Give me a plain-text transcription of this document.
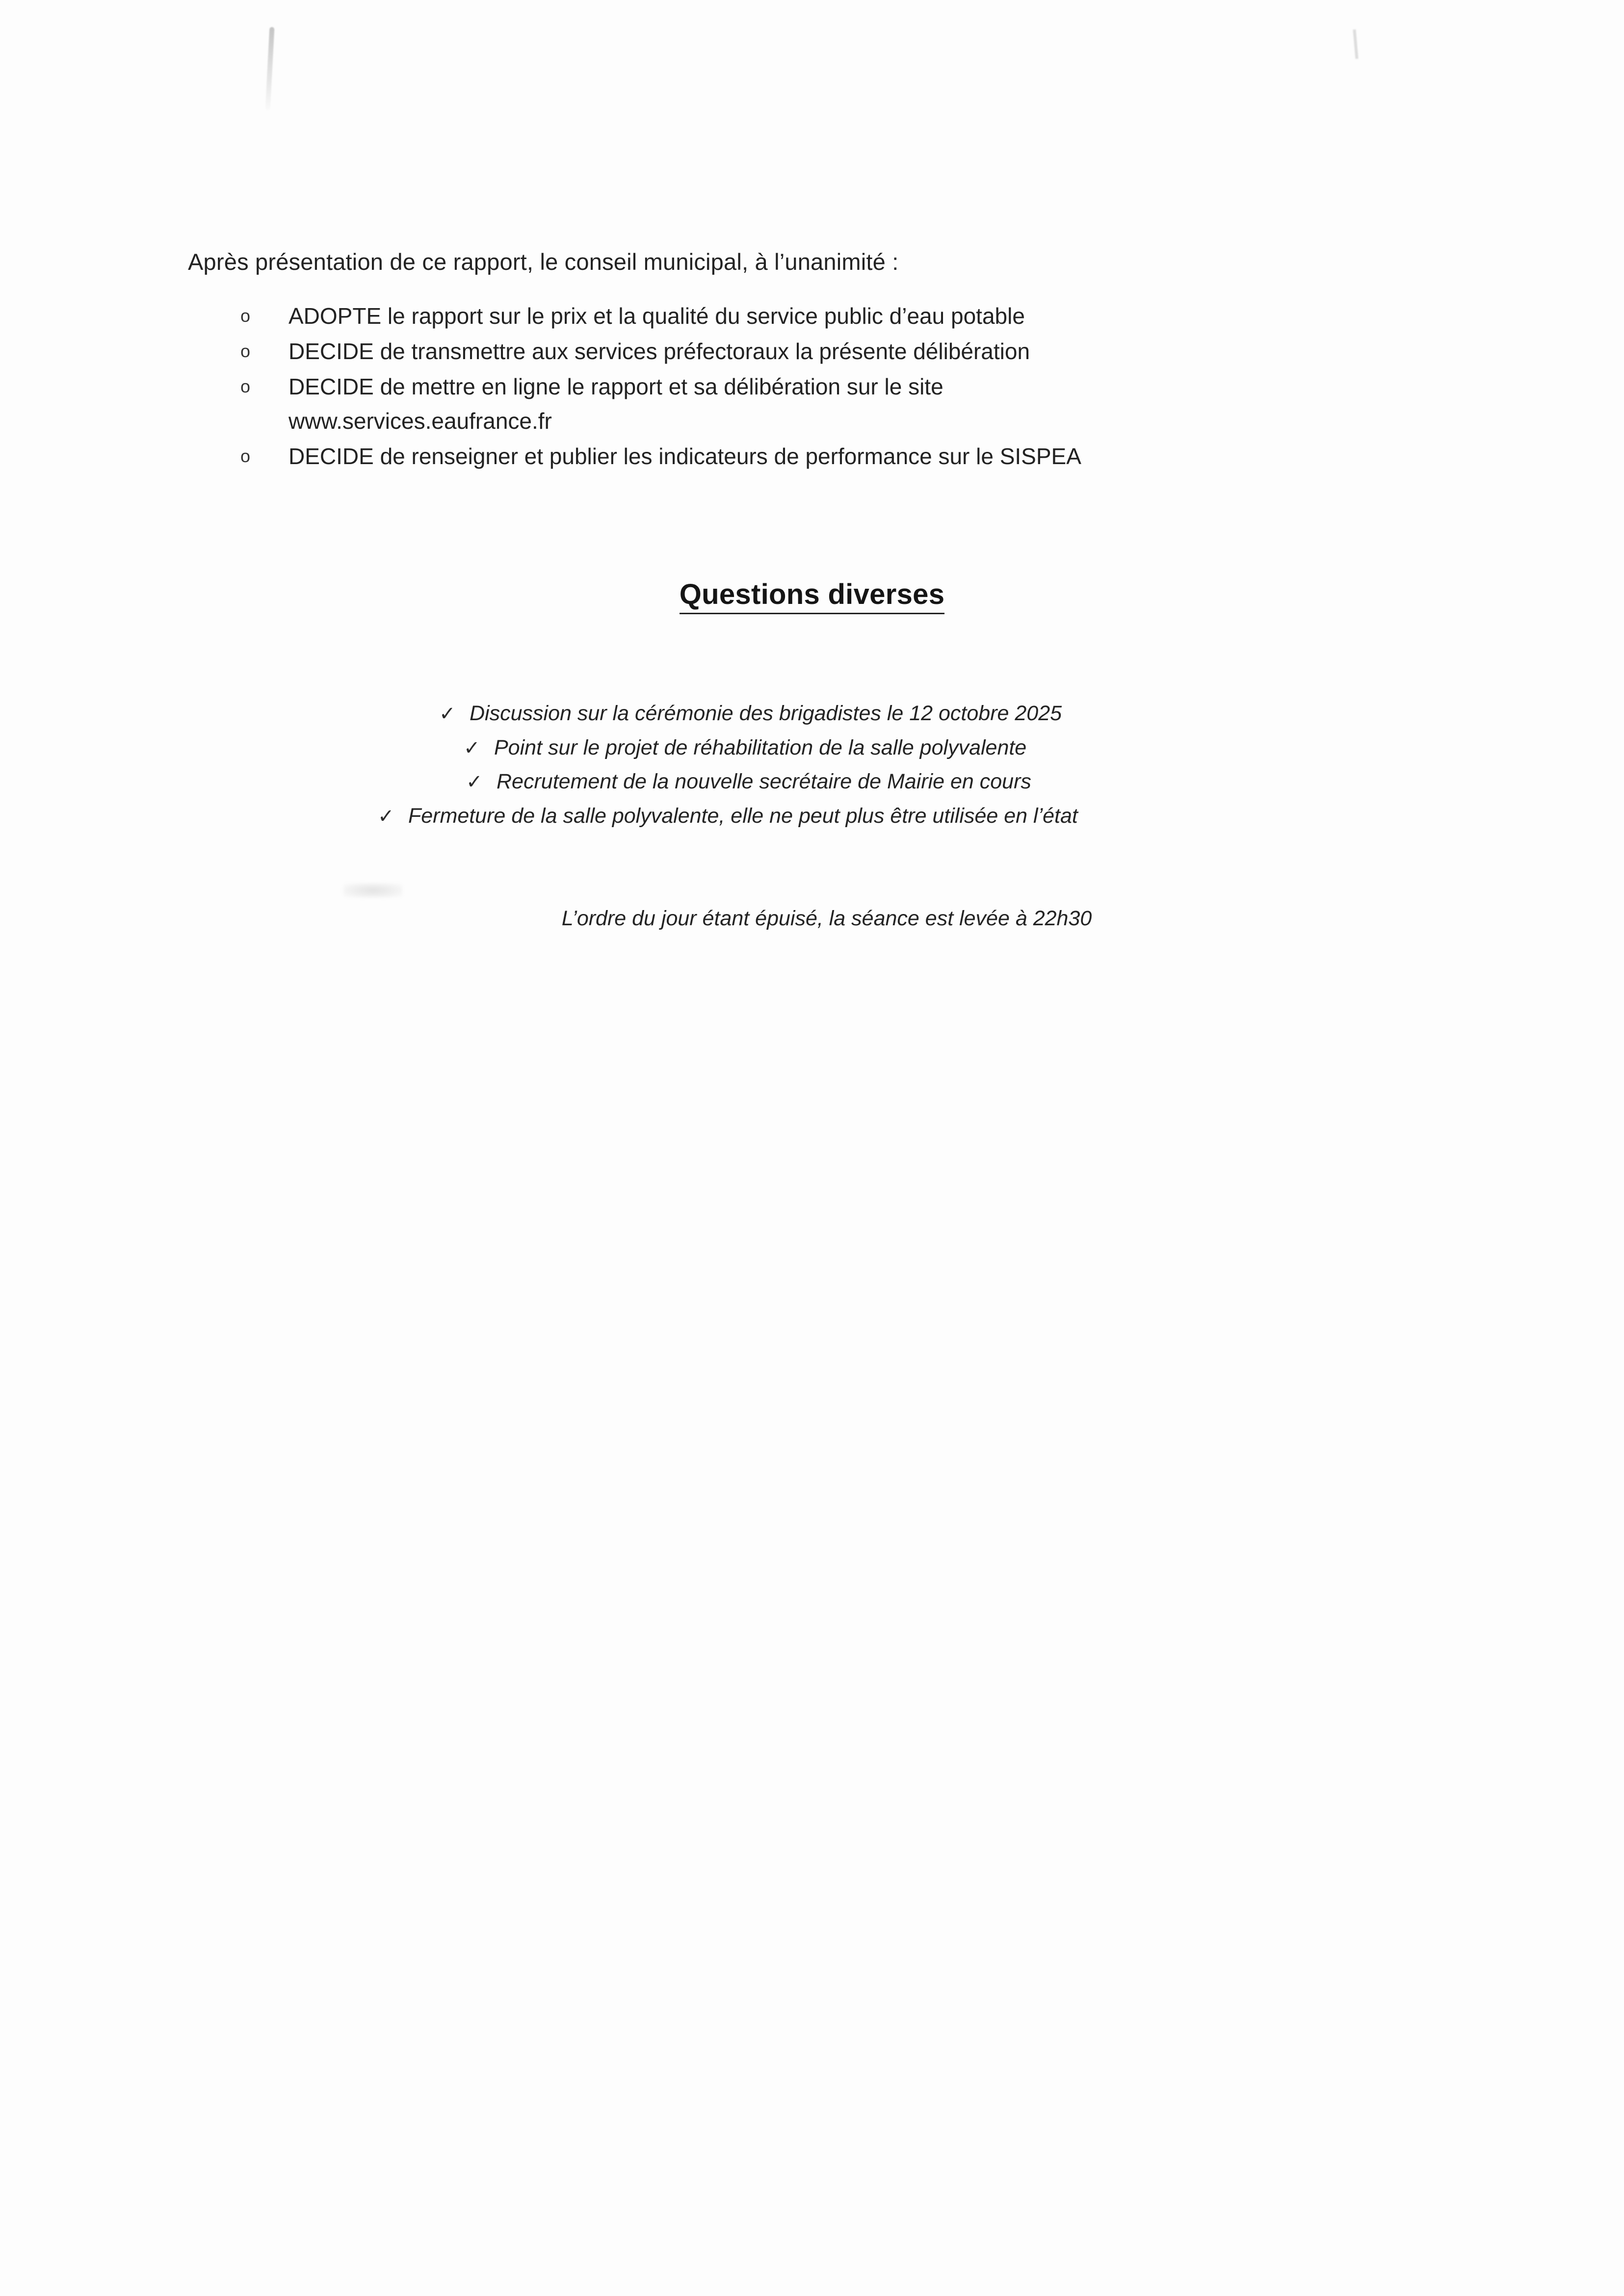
Après présentation de ce rapport, le conseil municipal, à l’unanimité :

o ADOPTE le rapport sur le prix et la qualité du service public d’eau potable
o DECIDE de transmettre aux services préfectoraux la présente délibération
o DECIDE de mettre en ligne le rapport et sa délibération sur le site
www.services.eaufrance.fr
o DECIDE de renseigner et publier les indicateurs de performance sur le SISPEA
Questions diverses
✓ Discussion sur la cérémonie des brigadistes le 12 octobre 2025
✓ Point sur le projet de réhabilitation de la salle polyvalente
✓ Recrutement de la nouvelle secrétaire de Mairie en cours
✓ Fermeture de la salle polyvalente, elle ne peut plus être utilisée en l’état

L’ordre du jour étant épuisé, la séance est levée à 22h30
